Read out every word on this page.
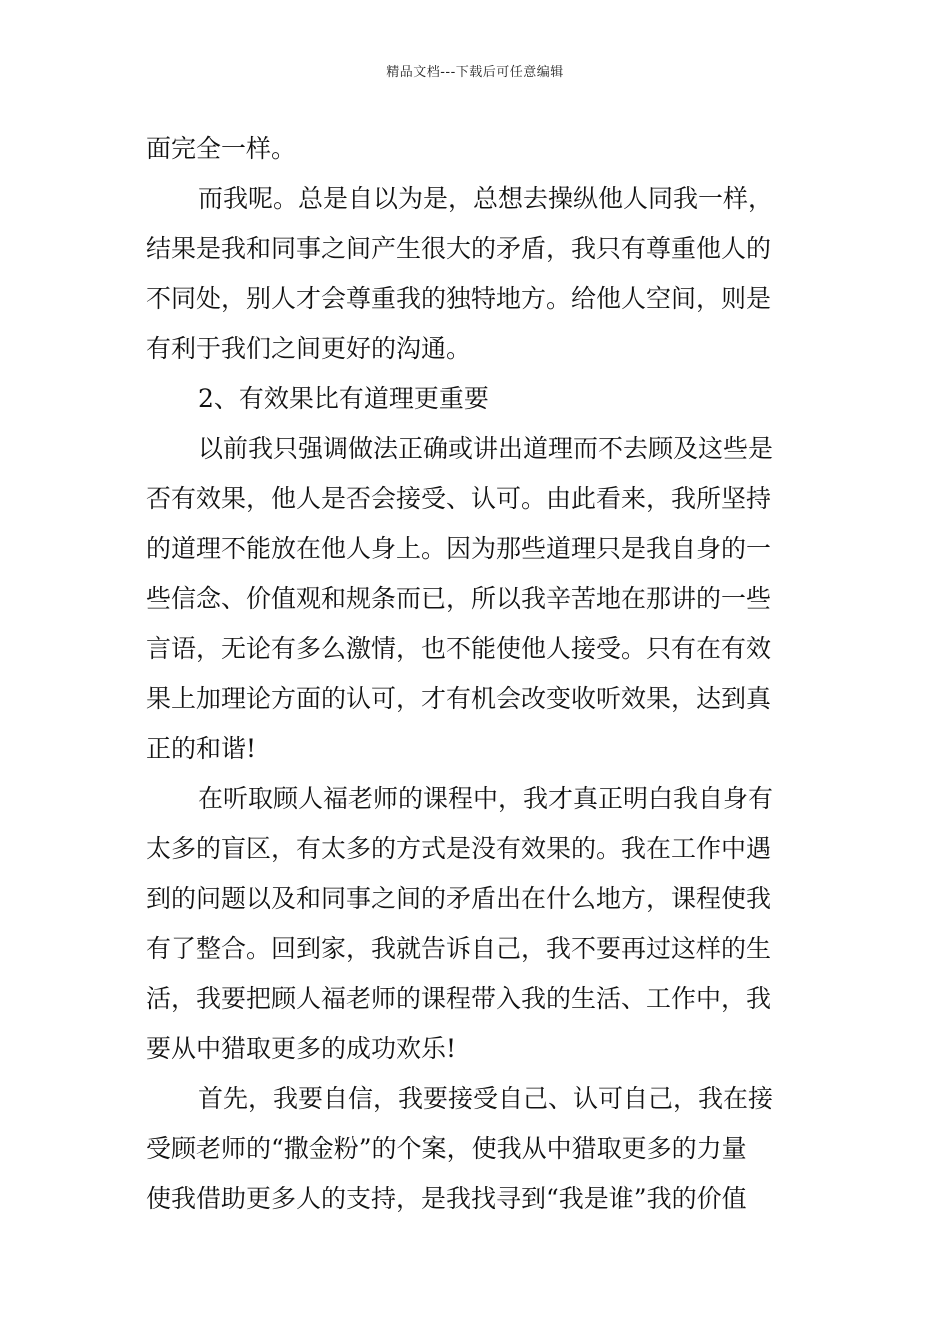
精品文档---下载后可任意编辑
面完全一样。
而我呢。总是自以为是，总想去操纵他人同我一样，
结果是我和同事之间产生很大的矛盾，我只有尊重他人的
不同处，别人才会尊重我的独特地方。给他人空间，则是
有利于我们之间更好的沟通。
2、有效果比有道理更重要
以前我只强调做法正确或讲出道理而不去顾及这些是
否有效果，他人是否会接受、认可。由此看来，我所坚持
的道理不能放在他人身上。因为那些道理只是我自身的一
些信念、价值观和规条而已，所以我辛苦地在那讲的一些
言语，无论有多么激情，也不能使他人接受。只有在有效
果上加理论方面的认可，才有机会改变收听效果，达到真
正的和谐!
在听取顾人福老师的课程中，我才真正明白我自身有
太多的盲区，有太多的方式是没有效果的。我在工作中遇
到的问题以及和同事之间的矛盾出在什么地方，课程使我
有了整合。回到家，我就告诉自己，我不要再过这样的生
活，我要把顾人福老师的课程带入我的生活、工作中，我
要从中猎取更多的成功欢乐!
首先，我要自信，我要接受自己、认可自己，我在接
受顾老师的“撒金粉”的个案，使我从中猎取更多的力量
使我借助更多人的支持，是我找寻到“我是谁”我的价值
